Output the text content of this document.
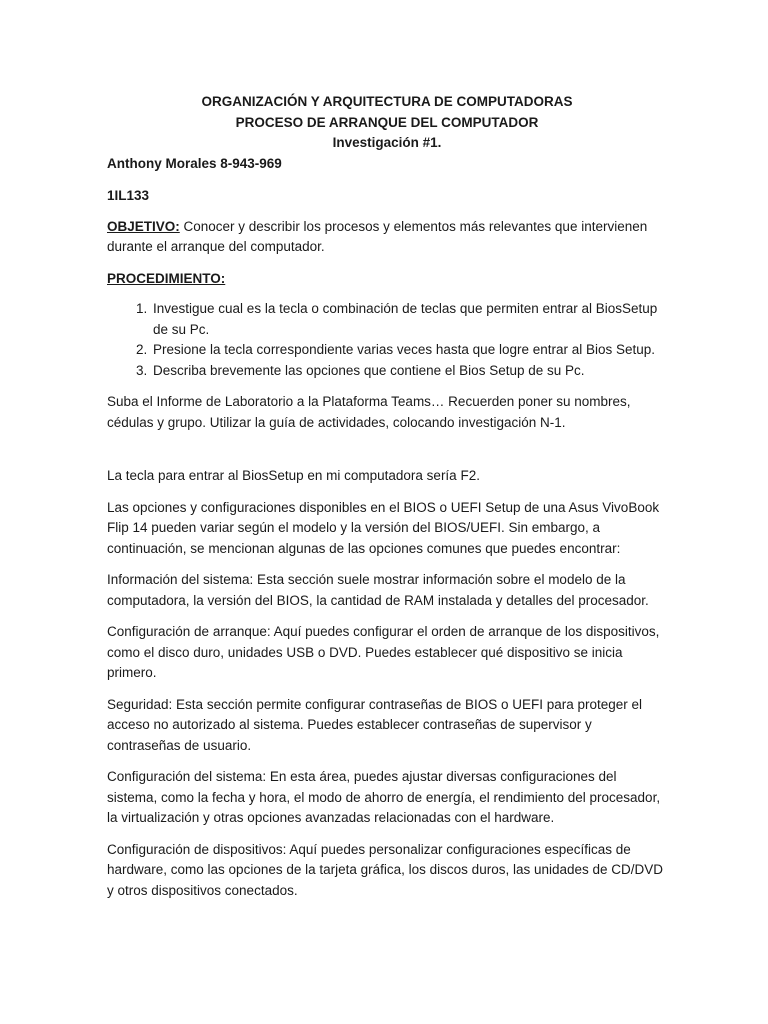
ORGANIZACIÓN Y ARQUITECTURA DE COMPUTADORAS

PROCESO DE ARRANQUE DEL COMPUTADOR

Investigación #1.

Anthony Morales 8-943-969

1IL133

OBJETIVO: Conocer y describir los procesos y elementos más relevantes que intervienen durante el arranque del computador.

PROCEDIMIENTO:

1. Investigue cual es la tecla o combinación de teclas que permiten entrar al BiosSetup de su Pc.
2. Presione la tecla correspondiente varias veces hasta que logre entrar al Bios Setup.
3. Describa brevemente las opciones que contiene el Bios Setup de su Pc.

Suba el Informe de Laboratorio a la Plataforma Teams… Recuerden poner su nombres, cédulas y grupo. Utilizar la guía de actividades, colocando investigación N-1.

La tecla para entrar al BiosSetup en mi computadora sería F2.

Las opciones y configuraciones disponibles en el BIOS o UEFI Setup de una Asus VivoBook Flip 14 pueden variar según el modelo y la versión del BIOS/UEFI. Sin embargo, a continuación, se mencionan algunas de las opciones comunes que puedes encontrar:

Información del sistema: Esta sección suele mostrar información sobre el modelo de la computadora, la versión del BIOS, la cantidad de RAM instalada y detalles del procesador.

Configuración de arranque: Aquí puedes configurar el orden de arranque de los dispositivos, como el disco duro, unidades USB o DVD. Puedes establecer qué dispositivo se inicia primero.

Seguridad: Esta sección permite configurar contraseñas de BIOS o UEFI para proteger el acceso no autorizado al sistema. Puedes establecer contraseñas de supervisor y contraseñas de usuario.

Configuración del sistema: En esta área, puedes ajustar diversas configuraciones del sistema, como la fecha y hora, el modo de ahorro de energía, el rendimiento del procesador, la virtualización y otras opciones avanzadas relacionadas con el hardware.

Configuración de dispositivos: Aquí puedes personalizar configuraciones específicas de hardware, como las opciones de la tarjeta gráfica, los discos duros, las unidades de CD/DVD y otros dispositivos conectados.
